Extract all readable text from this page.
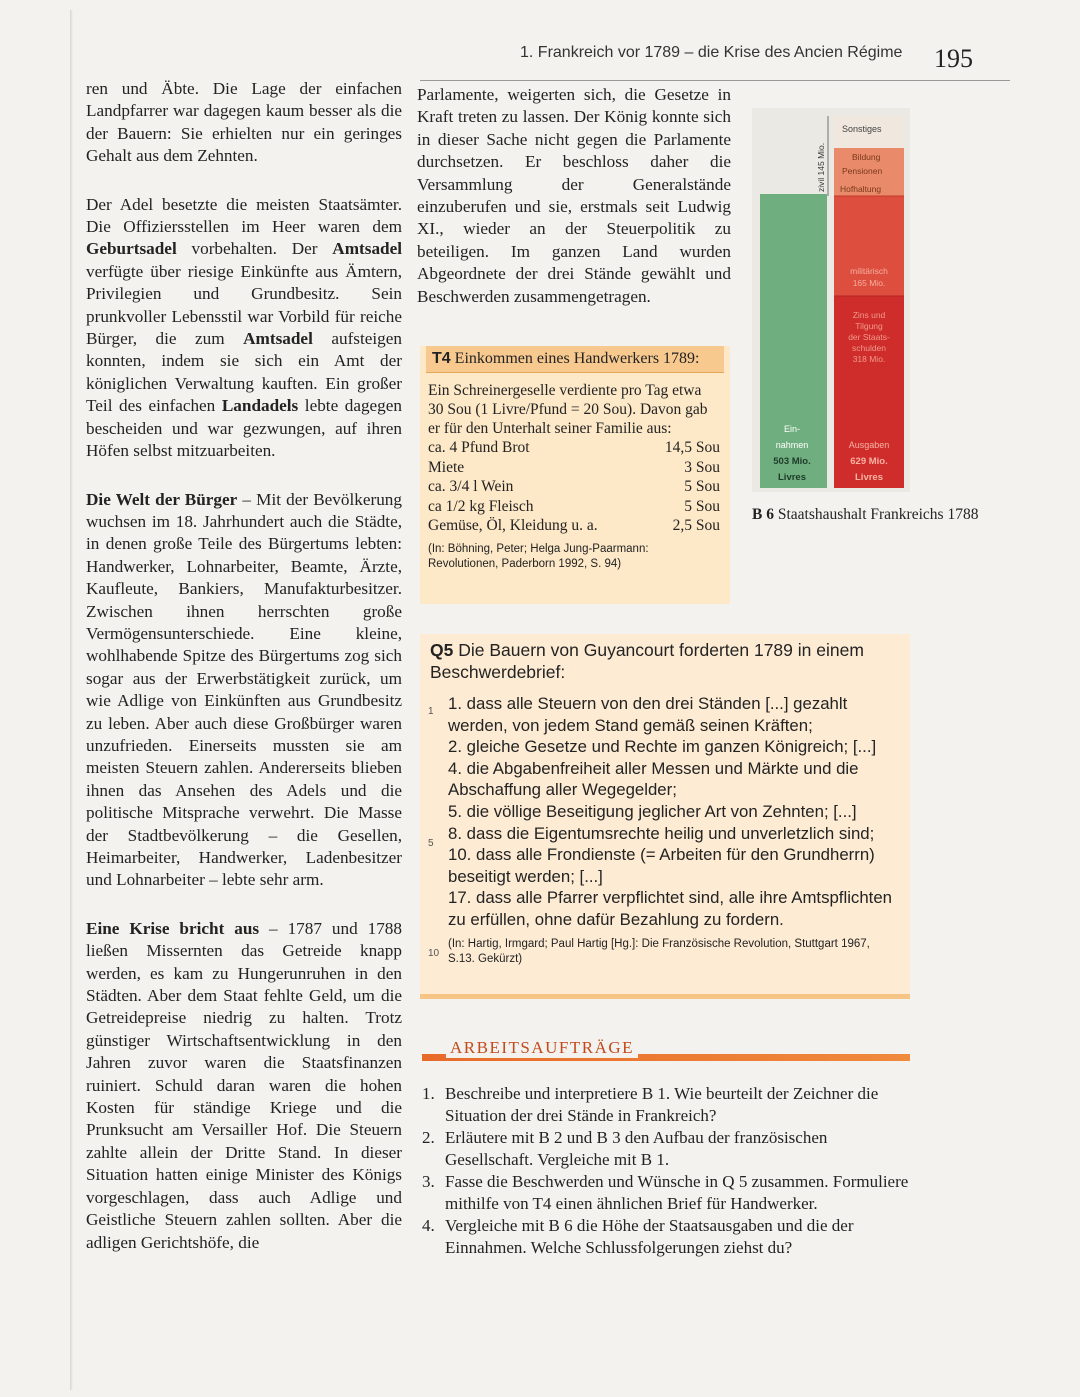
1. Frankreich vor 1789 – die Krise des Ancien Régime 195

ren und Äbte. Die Lage der einfachen Landpfarrer war dagegen kaum besser als die der Bauern: Sie erhielten nur ein geringes Gehalt aus dem Zehnten.

Der Adel besetzte die meisten Staatsämter. Die Offiziersstellen im Heer waren dem Geburtsadel vorbehalten. Der Amtsadel verfügte über riesige Einkünfte aus Ämtern, Privilegien und Grundbesitz. Sein prunkvoller Lebensstil war Vorbild für reiche Bürger, die zum Amtsadel aufsteigen konnten, indem sie sich ein Amt der königlichen Verwaltung kauften. Ein großer Teil des einfachen Landadels lebte dagegen bescheiden und war gezwungen, auf ihren Höfen selbst mitzuarbeiten.

Die Welt der Bürger – Mit der Bevölkerung wuchsen im 18. Jahrhundert auch die Städte, in denen große Teile des Bürgertums lebten: Handwerker, Lohnarbeiter, Beamte, Ärzte, Kaufleute, Bankiers, Manufakturbesitzer. Zwischen ihnen herrschten große Vermögensunterschiede. Eine kleine, wohlhabende Spitze des Bürgertums zog sich sogar aus der Erwerbstätigkeit zurück, um wie Adlige von Einkünften aus Grundbesitz zu leben. Aber auch diese Großbürger waren unzufrieden. Einerseits mussten sie am meisten Steuern zahlen. Andererseits blieben ihnen das Ansehen des Adels und die politische Mitsprache verwehrt. Die Masse der Stadtbevölkerung – die Gesellen, Heimarbeiter, Handwerker, Ladenbesitzer und Lohnarbeiter – lebte sehr arm.

Eine Krise bricht aus – 1787 und 1788 ließen Missernten das Getreide knapp werden, es kam zu Hungerunruhen in den Städten. Aber dem Staat fehlte Geld, um die Getreidepreise niedrig zu halten. Trotz günstiger Wirtschaftsentwicklung in den Jahren zuvor waren die Staatsfinanzen ruiniert. Schuld daran waren die hohen Kosten für ständige Kriege und die Prunksucht am Versailler Hof. Die Steuern zahlte allein der Dritte Stand. In dieser Situation hatten einige Minister des Königs vorgeschlagen, dass auch Adlige und Geistliche Steuern zahlen sollten. Aber die adligen Gerichtshöfe, die

Parlamente, weigerten sich, die Gesetze in Kraft treten zu lassen. Der König konnte sich in dieser Sache nicht gegen die Parlamente durchsetzen. Er beschloss daher die Versammlung der Generalstände einzuberufen und sie, erstmals seit Ludwig XI., wieder an der Steuerpolitik zu beteiligen. Im ganzen Land wurden Abgeordnete der drei Stände gewählt und Beschwerden zusammengetragen.
T4 Einkommen eines Handwerkers 1789:
Ein Schreinergeselle verdiente pro Tag etwa 30 Sou (1 Livre/Pfund = 20 Sou). Davon gab er für den Unterhalt seiner Familie aus:
ca. 4 Pfund Brot	14,5 Sou
Miete	3 Sou
ca. 3/4 l Wein	5 Sou
ca 1/2 kg Fleisch	5 Sou
Gemüse, Öl, Kleidung u. a.	2,5 Sou
(In: Böhning, Peter; Helga Jung-Paarmann: Revolutionen, Paderborn 1992, S. 94)
zivil 145 Mio.
Sonstiges
Bildung
Pensionen
Hofhaltung
militärisch
165 Mio.
Zins und
Tilgung
der Staats-
schulden
318 Mio.
Ein-
nahmen
503 Mio.
Livres
Ausgaben
629 Mio.
Livres
B 6 Staatshaushalt Frankreichs 1788
Q5 Die Bauern von Guyancourt forderten 1789 in einem Beschwerdebrief:
1
5
10
1. dass alle Steuern von den drei Ständen [...] gezahlt werden, von jedem Stand gemäß seinen Kräften;
2. gleiche Gesetze und Rechte im ganzen Königreich; [...]
4. die Abgabenfreiheit aller Messen und Märkte und die Abschaffung aller Wegegelder;
5. die völlige Beseitigung jeglicher Art von Zehnten; [...]
8. dass die Eigentumsrechte heilig und unverletzlich sind;
10. dass alle Frondienste (= Arbeiten für den Grundherrn) beseitigt werden; [...]
17. dass alle Pfarrer verpflichtet sind, alle ihre Amtspflichten zu erfüllen, ohne dafür Bezahlung zu fordern.
(In: Hartig, Irmgard; Paul Hartig [Hg.]: Die Französische Revolution, Stuttgart 1967, S.13. Gekürzt)
ARBEITSAUFTRÄGE
1. Beschreibe und interpretiere B 1. Wie beurteilt der Zeichner die Situation der drei Stände in Frankreich?
2. Erläutere mit B 2 und B 3 den Aufbau der französischen Gesellschaft. Vergleiche mit B 1.
3. Fasse die Beschwerden und Wünsche in Q 5 zusammen. Formuliere mithilfe von T4 einen ähnlichen Brief für Handwerker.
4. Vergleiche mit B 6 die Höhe der Staatsausgaben und die der Einnahmen. Welche Schlussfolgerungen ziehst du?
